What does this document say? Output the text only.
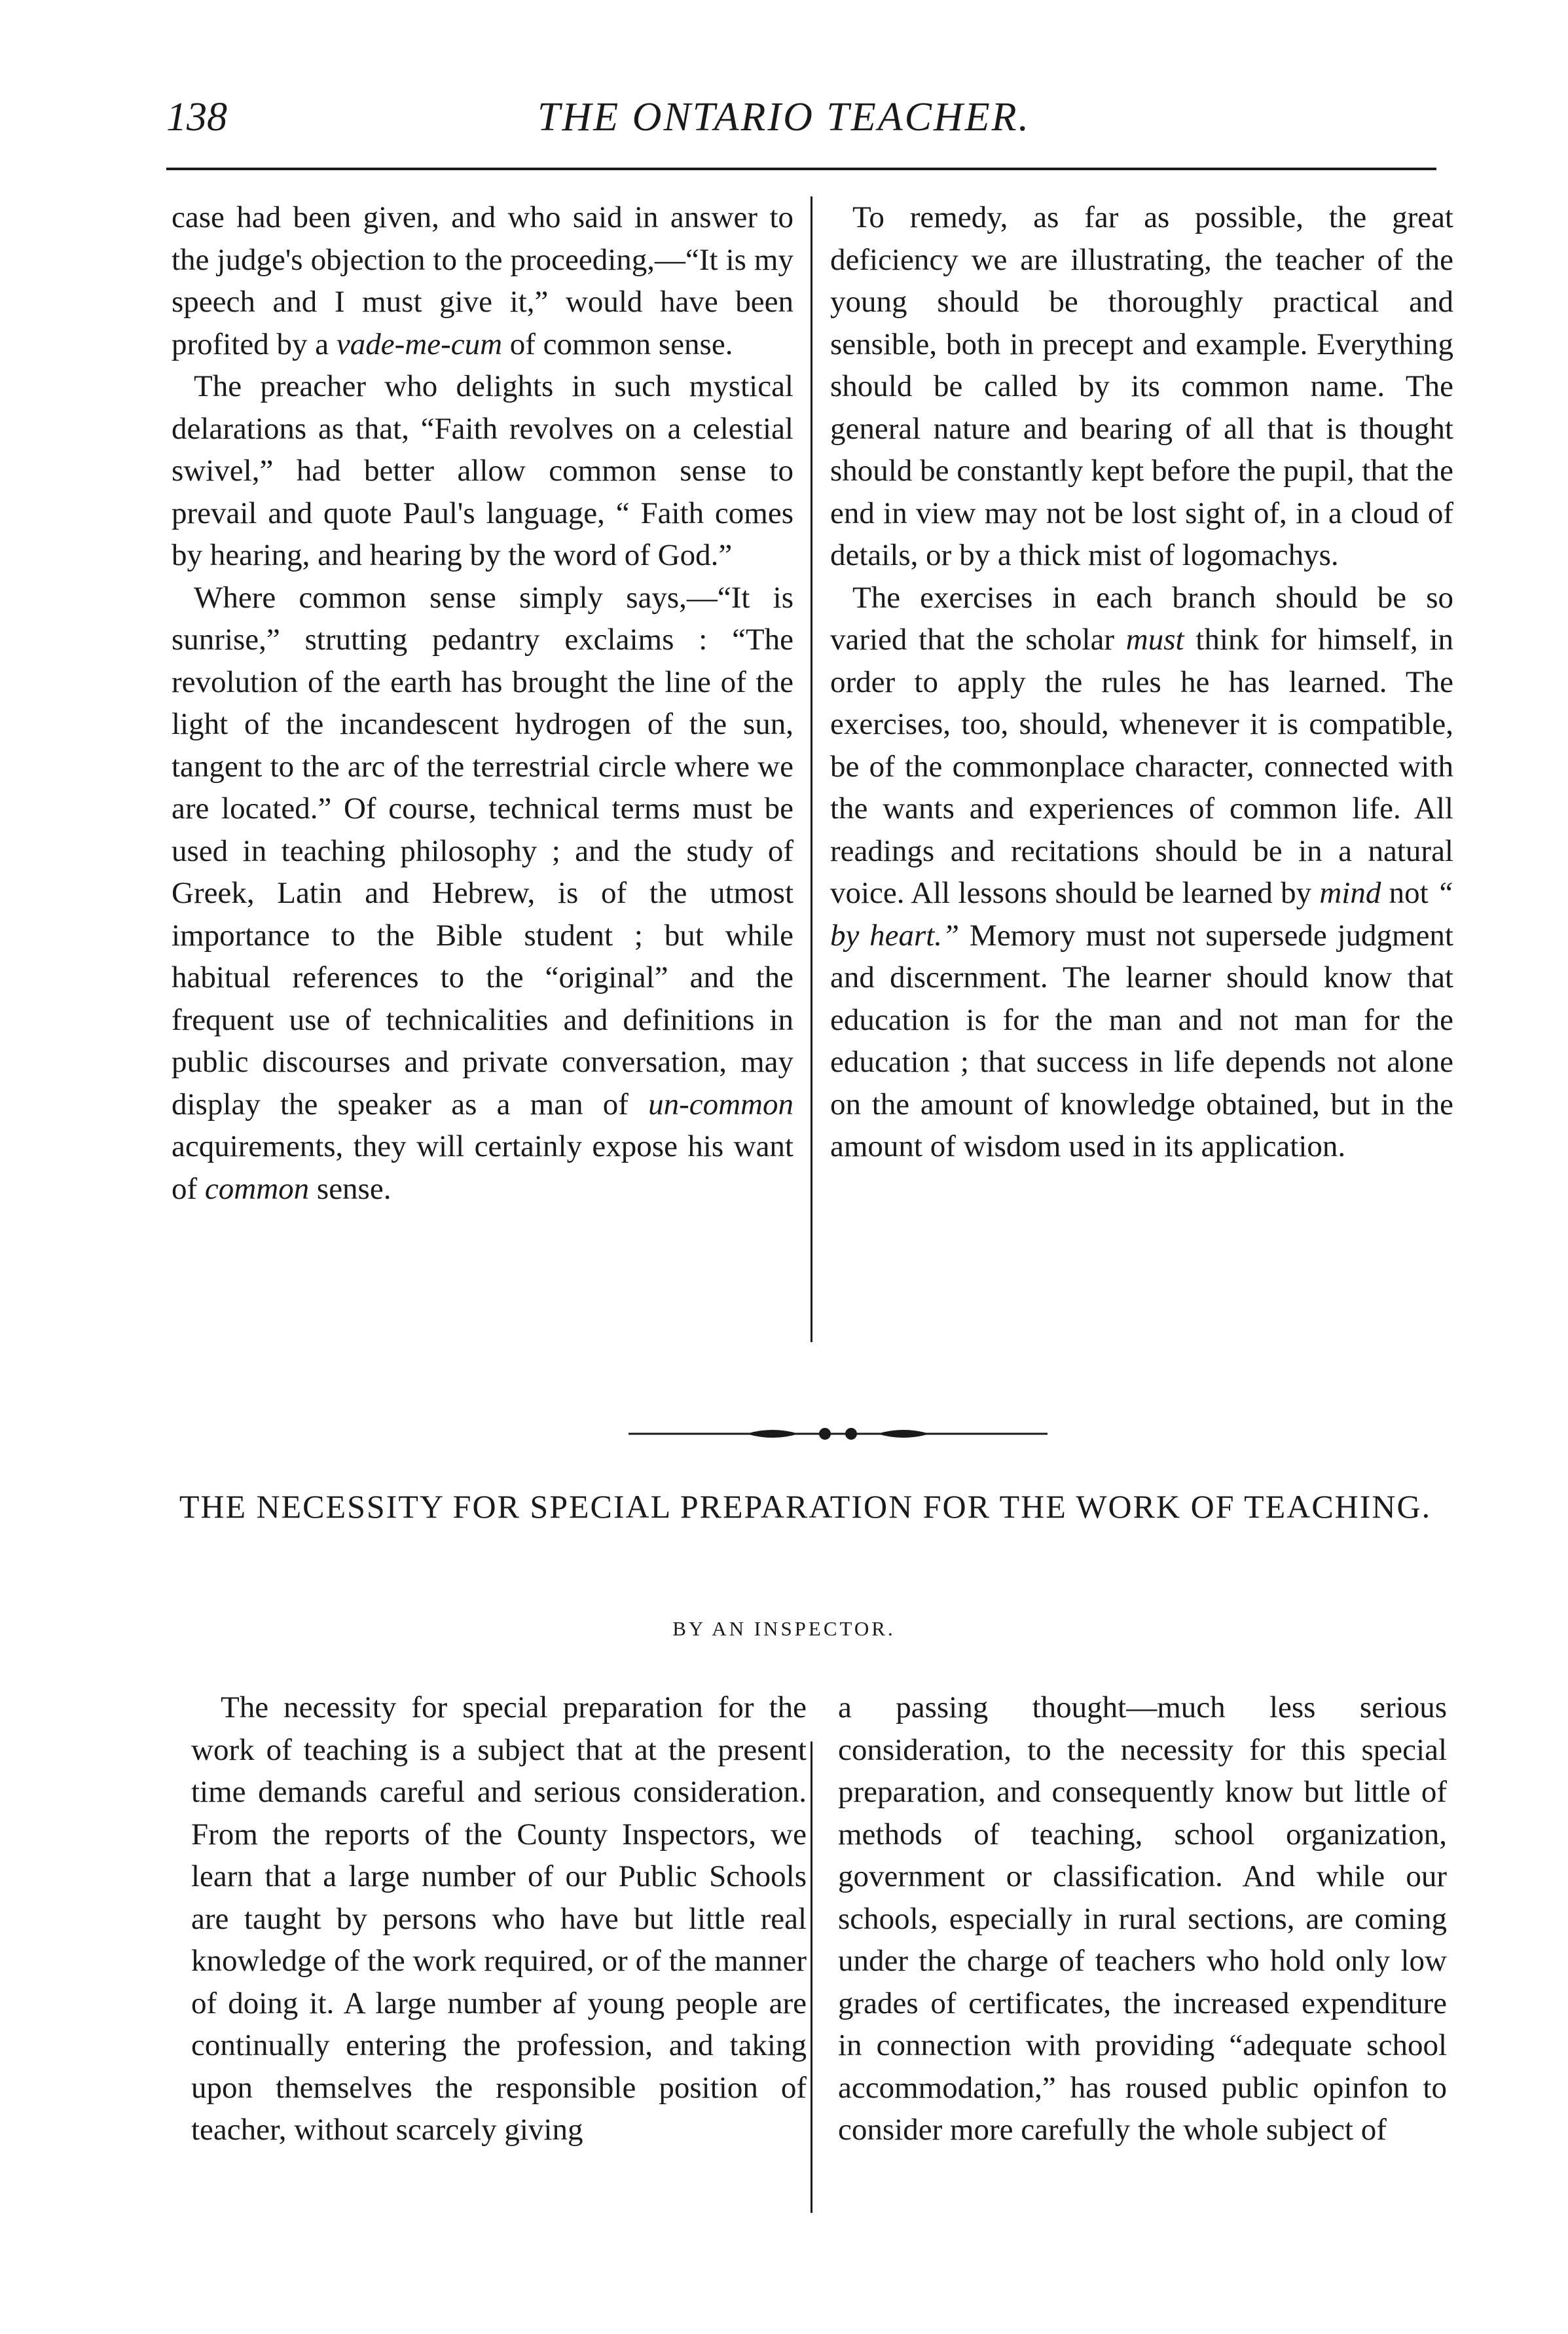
138	THE ONTARIO TEACHER.

case had been given, and who said in answer to the judge's objection to the proceeding,—“It is my speech and I must give it,” would have been profited by a vade-me-cum of common sense.

The preacher who delights in such mystical delarations as that, “Faith revolves on a celestial swivel,” had better allow common sense to prevail and quote Paul's language, “ Faith comes by hearing, and hearing by the word of God.”

Where common sense simply says,—“It is sunrise,” strutting pedantry exclaims : “The revolution of the earth has brought the line of the light of the incandescent hydrogen of the sun, tangent to the arc of the terrestrial circle where we are located.” Of course, technical terms must be used in teaching philosophy ; and the study of Greek, Latin and Hebrew, is of the utmost importance to the Bible student ; but while habitual references to the “original” and the frequent use of technicalities and definitions in public discourses and private conversation, may display the speaker as a man of un-common acquirements, they will certainly expose his want of common sense.

To remedy, as far as possible, the great deficiency we are illustrating, the teacher of the young should be thoroughly practical and sensible, both in precept and example. Everything should be called by its common name. The general nature and bearing of all that is thought should be constantly kept before the pupil, that the end in view may not be lost sight of, in a cloud of details, or by a thick mist of logomachys.

The exercises in each branch should be so varied that the scholar must think for himself, in order to apply the rules he has learned. The exercises, too, should, whenever it is compatible, be of the commonplace character, connected with the wants and experiences of common life. All readings and recitations should be in a natural voice. All lessons should be learned by mind not “ by heart.” Memory must not supersede judgment and discernment. The learner should know that education is for the man and not man for the education ; that success in life depends not alone on the amount of knowledge obtained, but in the amount of wisdom used in its application.

THE NECESSITY FOR SPECIAL PREPARATION FOR THE WORK OF TEACHING.
BY AN INSPECTOR.

The necessity for special preparation for the work of teaching is a subject that at the present time demands careful and serious consideration. From the reports of the County Inspectors, we learn that a large number of our Public Schools are taught by persons who have but little real knowledge of the work required, or of the manner of doing it. A large number af young people are continually entering the profession, and taking upon themselves the responsible position of teacher, without scarcely giving

a passing thought—much less serious consideration, to the necessity for this special preparation, and consequently know but little of methods of teaching, school organization, government or classification. And while our schools, especially in rural sections, are coming under the charge of teachers who hold only low grades of certificates, the increased expenditure in connection with providing “adequate school accommodation,” has roused public opinfon to consider more carefully the whole subject of
